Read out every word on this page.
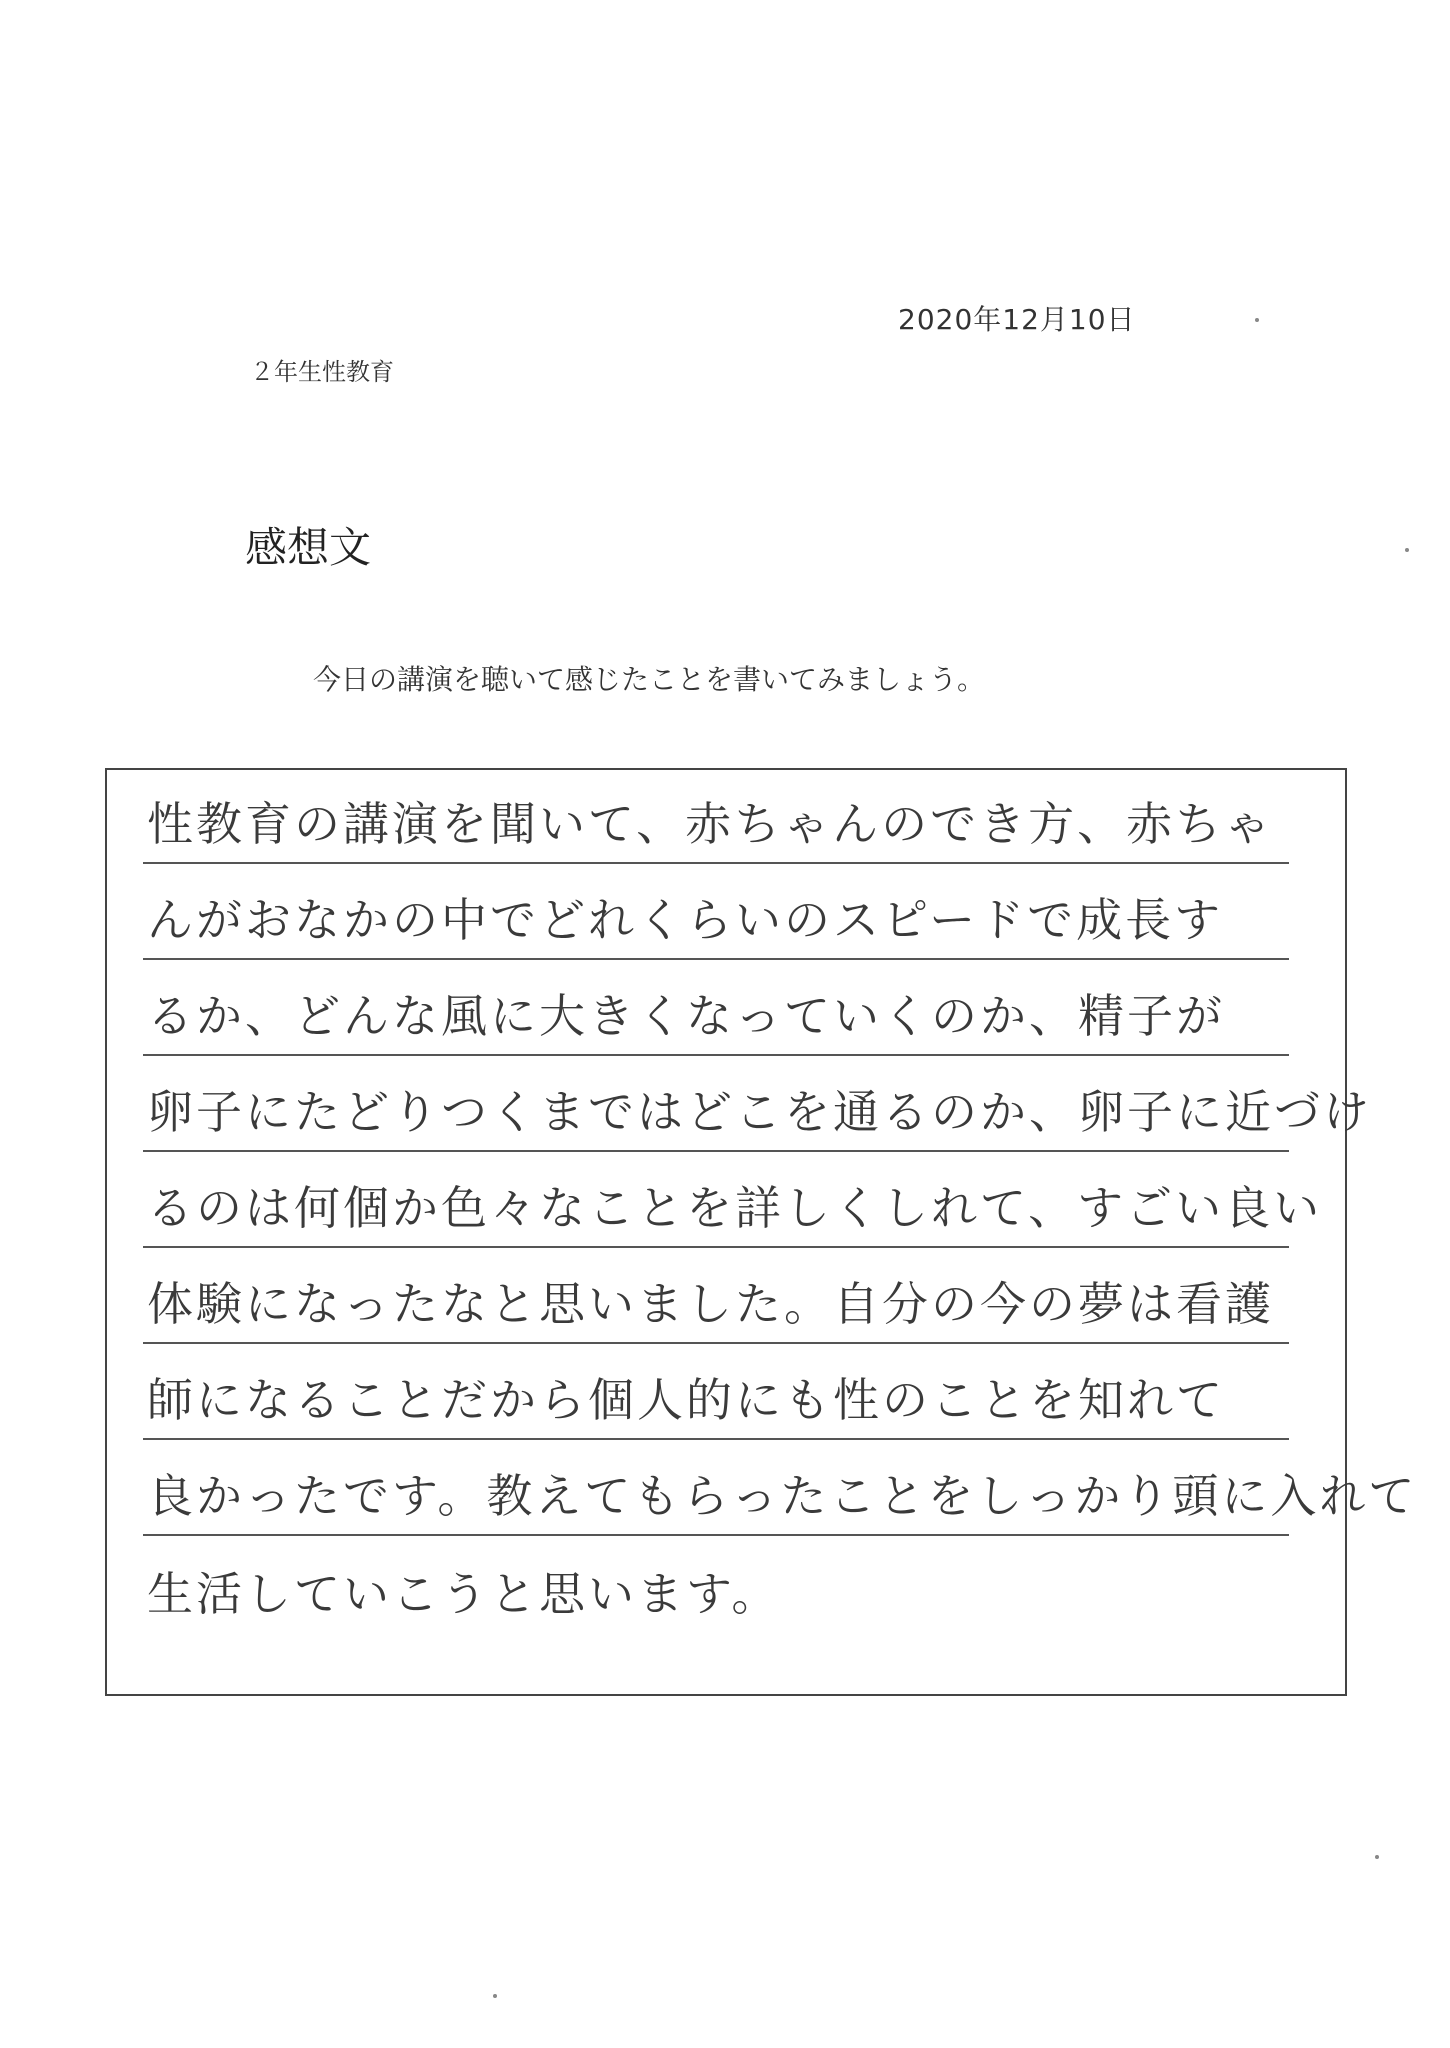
2020年12月10日
２年生性教育
感想文
今日の講演を聴いて感じたことを書いてみましょう。
性教育の講演を聞いて、赤ちゃんのでき方、赤ちゃ
んがおなかの中でどれくらいのスピードで成長す
るか、どんな風に大きくなっていくのか、精子が
卵子にたどりつくまではどこを通るのか、卵子に近づけ
るのは何個か色々なことを詳しくしれて、すごい良い
体験になったなと思いました。自分の今の夢は看護
師になることだから個人的にも性のことを知れて
良かったです。教えてもらったことをしっかり頭に入れて
生活していこうと思います。
